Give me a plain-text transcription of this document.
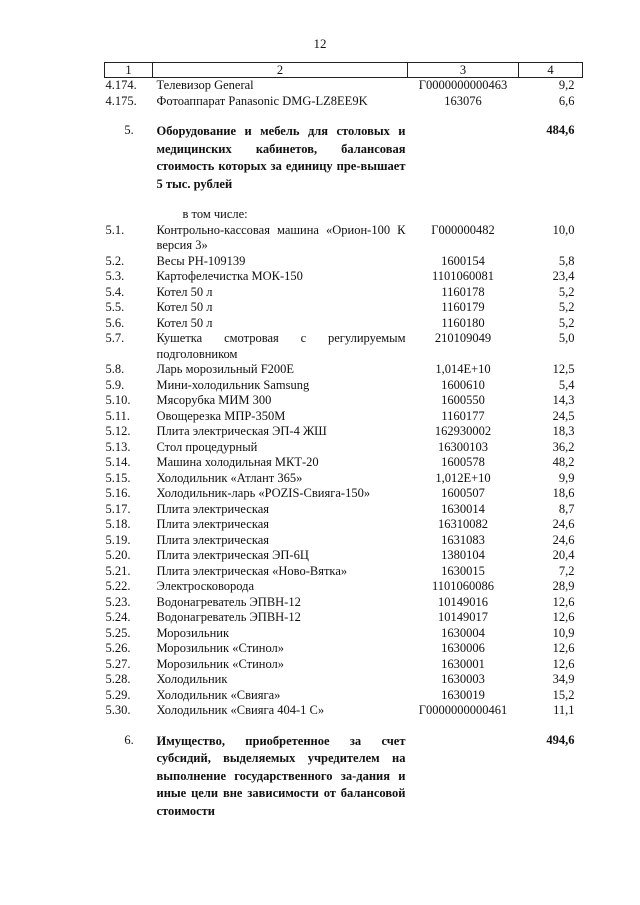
12
1	2	3	4
4.174.	Телевизор General	Г0000000000463	9,2
4.175.	Фотоаппарат Panasonic DMG-LZ8EE9K	163076	6,6
5.	Оборудование и мебель для столовых и медицинских кабинетов, балансовая стоимость которых за единицу пре-вышает 5 тыс. рублей		484,6
	в том числе:		
5.1.	Контрольно-кассовая машина «Орион-100 К версия 3»	Г000000482	10,0
5.2.	Весы РН-109139	1600154	5,8
5.3.	Картофелечистка МОК-150	1101060081	23,4
5.4.	Котел 50 л	1160178	5,2
5.5.	Котел 50 л	1160179	5,2
5.6.	Котел 50 л	1160180	5,2
5.7.	Кушетка смотровая с регулируемым подголовником	210109049	5,0
5.8.	Ларь морозильный F200E	1,014E+10	12,5
5.9.	Мини-холодильник Samsung	1600610	5,4
5.10.	Мясорубка МИМ 300	1600550	14,3
5.11.	Овощерезка МПР-350М	1160177	24,5
5.12.	Плита электрическая ЭП-4 ЖШ	162930002	18,3
5.13.	Стол процедурный	16300103	36,2
5.14.	Машина холодильная МКТ-20	1600578	48,2
5.15.	Холодильник «Атлант 365»	1,012E+10	9,9
5.16.	Холодильник-ларь «POZIS-Свияга-150»	1600507	18,6
5.17.	Плита электрическая	1630014	8,7
5.18.	Плита электрическая	16310082	24,6
5.19.	Плита электрическая	1631083	24,6
5.20.	Плита электрическая ЭП-6Ц	1380104	20,4
5.21.	Плита электрическая «Ново-Вятка»	1630015	7,2
5.22.	Электросковорода	1101060086	28,9
5.23.	Водонагреватель ЭПВН-12	10149016	12,6
5.24.	Водонагреватель ЭПВН-12	10149017	12,6
5.25.	Морозильник	1630004	10,9
5.26.	Морозильник «Стинол»	1630006	12,6
5.27.	Морозильник «Стинол»	1630001	12,6
5.28.	Холодильник	1630003	34,9
5.29.	Холодильник «Свияга»	1630019	15,2
5.30.	Холодильник «Свияга 404-1 С»	Г0000000000461	11,1
6.	Имущество, приобретенное за счет субсидий, выделяемых учредителем на выполнение государственного за-дания и иные цели вне зависимости от балансовой стоимости		494,6
